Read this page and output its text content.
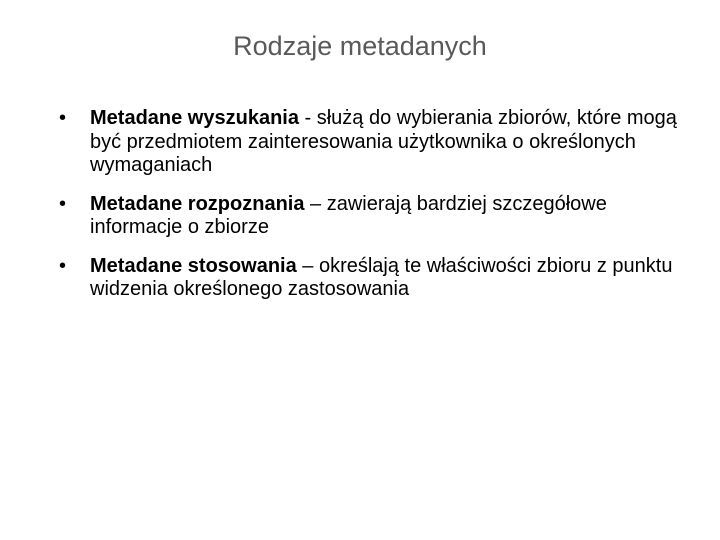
Rodzaje metadanych
• Metadane wyszukania - służą do wybierania zbiorów, które mogą być przedmiotem zainteresowania użytkownika o określonych wymaganiach
• Metadane rozpoznania – zawierają bardziej szczegółowe informacje o zbiorze
• Metadane stosowania – określają te właściwości zbioru z punktu widzenia określonego zastosowania
